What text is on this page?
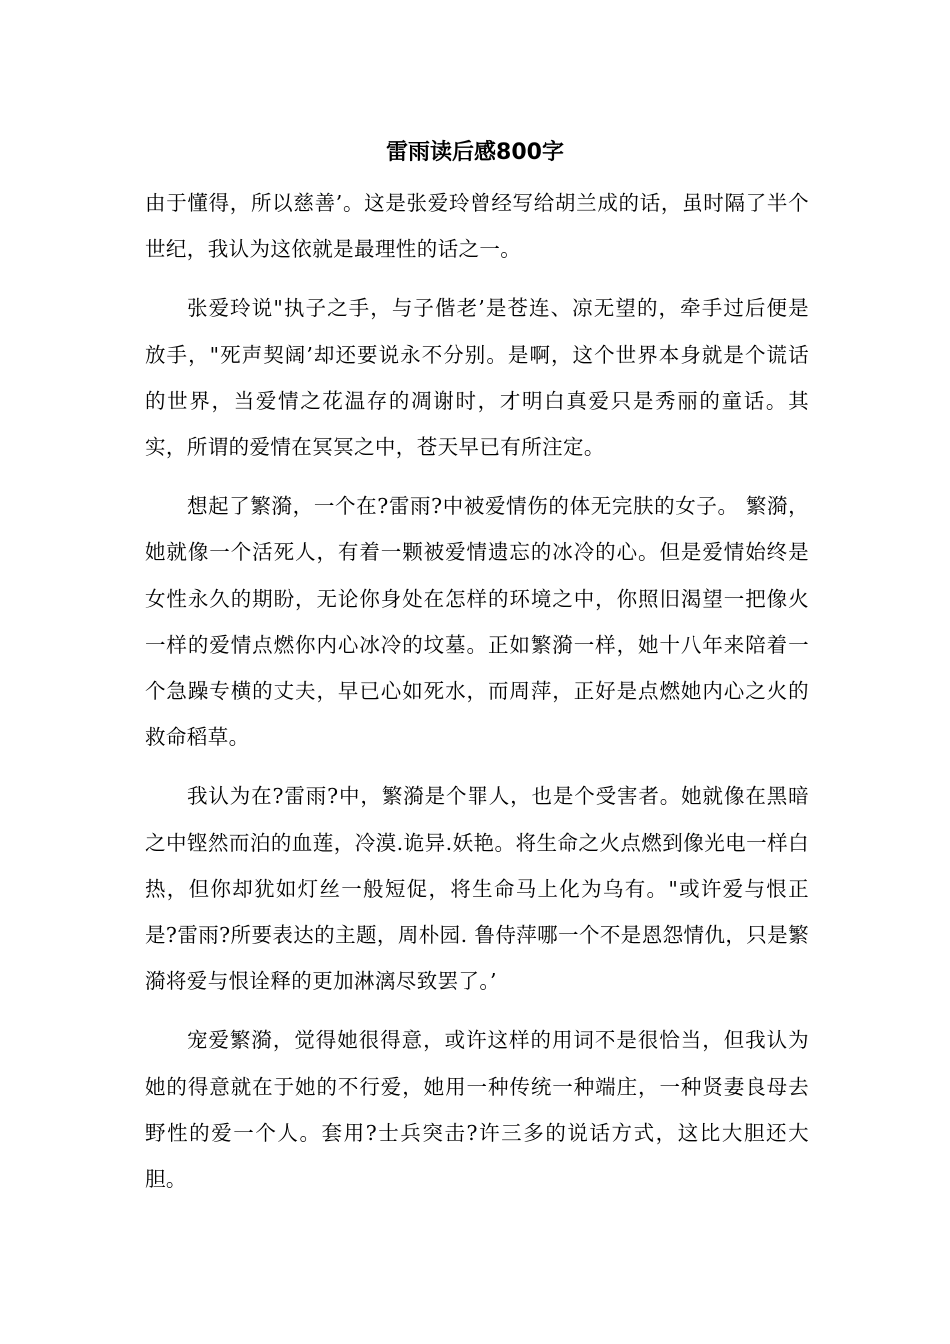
雷雨读后感800字

由于懂得，所以慈善’。这是张爱玲曾经写给胡兰成的话，虽时隔了半个世纪，我认为这依就是最理性的话之一。

张爱玲说"执子之手，与子偕老’是苍连、凉无望的，牵手过后便是放手，"死声契阔’却还要说永不分别。是啊，这个世界本身就是个谎话的世界，当爱情之花温存的凋谢时，才明白真爱只是秀丽的童话。其实，所谓的爱情在冥冥之中，苍天早已有所注定。

想起了繁漪，一个在?雷雨?中被爱情伤的体无完肤的女子。 繁漪，她就像一个活死人，有着一颗被爱情遗忘的冰冷的心。但是爱情始终是女性永久的期盼，无论你身处在怎样的环境之中，你照旧渴望一把像火一样的爱情点燃你内心冰冷的坟墓。正如繁漪一样，她十八年来陪着一个急躁专横的丈夫，早已心如死水，而周萍，正好是点燃她内心之火的救命稻草。

我认为在?雷雨?中，繁漪是个罪人，也是个受害者。她就像在黑暗之中铿然而泊的血莲，冷漠.诡异.妖艳。将生命之火点燃到像光电一样白热，但你却犹如灯丝一般短促，将生命马上化为乌有。"或许爱与恨正是?雷雨?所要表达的主题，周朴园. 鲁侍萍哪一个不是恩怨情仇，只是繁漪将爱与恨诠释的更加淋漓尽致罢了。’

宠爱繁漪，觉得她很得意，或许这样的用词不是很恰当，但我认为她的得意就在于她的不行爱，她用一种传统一种端庄，一种贤妻良母去野性的爱一个人。套用?士兵突击?许三多的说话方式，这比大胆还大胆。
